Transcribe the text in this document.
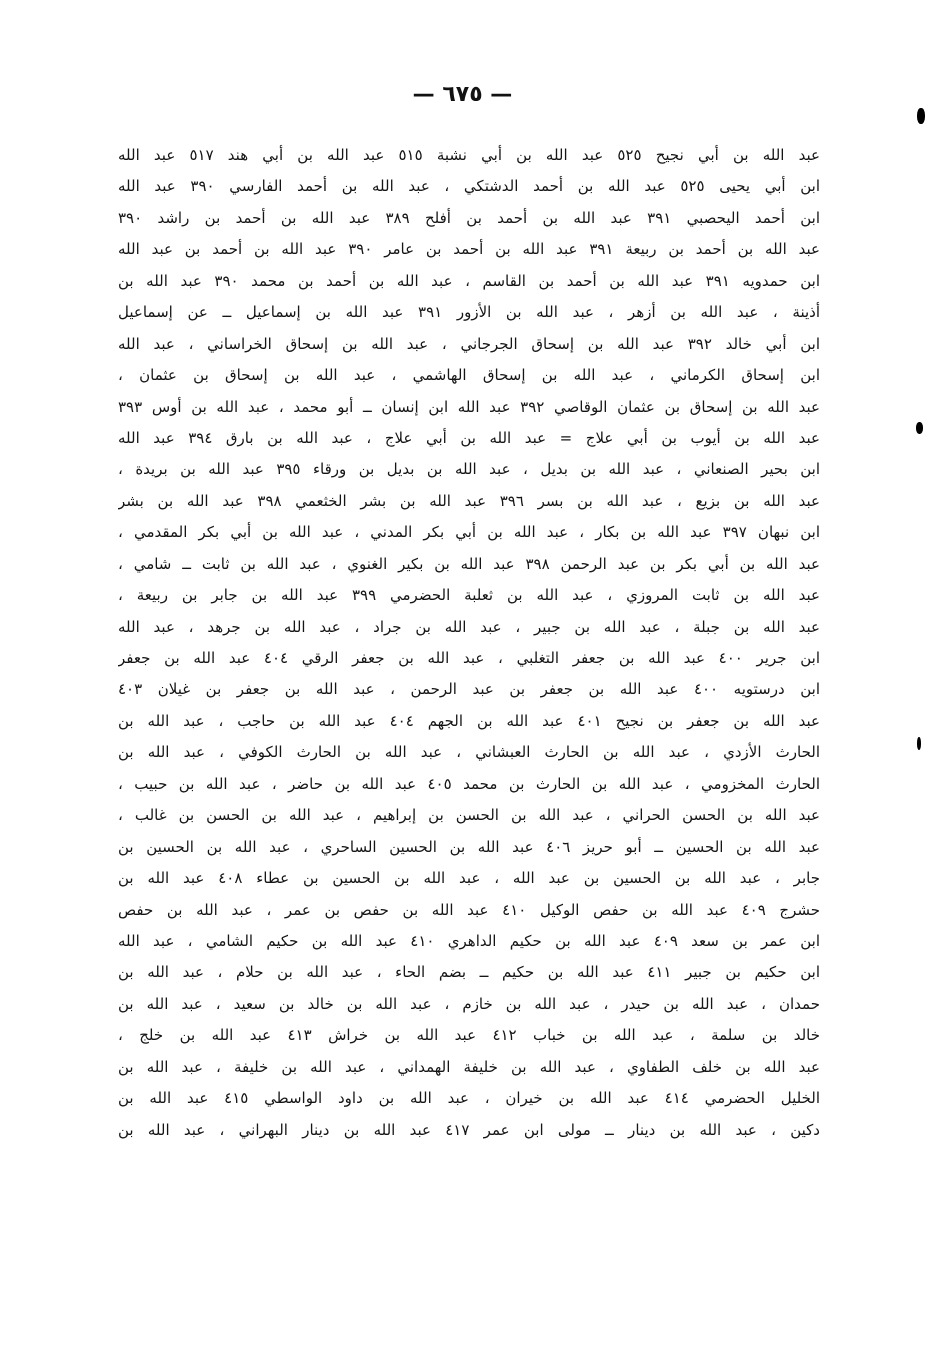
— ٦٧٥ —
عبد الله بن أبي نجيح ٥٢٥ عبد الله بن أبي نشبة ٥١٥ عبد الله بن أبي هند ٥١٧ عبد الله
ابن أبي يحيى ٥٢٥ عبد الله بن أحمد الدشتكي ، عبد الله بن أحمد الفارسي ٣٩٠ عبد الله
ابن أحمد اليحصبي ٣٩١ عبد الله بن أحمد بن أفلح ٣٨٩ عبد الله بن أحمد بن راشد ٣٩٠
عبد الله بن أحمد بن ربيعة ٣٩١ عبد الله بن أحمد بن عامر ٣٩٠ عبد الله بن أحمد بن عبد الله
ابن حمدويه ٣٩١ عبد الله بن أحمد بن القاسم ، عبد الله بن أحمد بن محمد ٣٩٠ عبد الله بن
أذينة ، عبد الله بن أزهر ، عبد الله بن الأزور ٣٩١ عبد الله بن إسماعيل ــ عن إسماعيل
ابن أبي خالد ٣٩٢ عبد الله بن إسحاق الجرجاني ، عبد الله بن إسحاق الخراساني ، عبد الله
ابن إسحاق الكرماني ، عبد الله بن إسحاق الهاشمي ، عبد الله بن إسحاق بن عثمان ،
عبد الله بن إسحاق بن عثمان الوقاصي ٣٩٢ عبد الله ابن إنسان ــ أبو محمد ، عبد الله بن أوس ٣٩٣
عبد الله بن أيوب بن أبي علاج = عبد الله بن أبي علاج ، عبد الله بن بارق ٣٩٤ عبد الله
ابن بحير الصنعاني ، عبد الله بن بديل ، عبد الله بن بديل بن ورقاء ٣٩٥ عبد الله بن بريدة ،
عبد الله بن بزيع ، عبد الله بن بسر ٣٩٦ عبد الله بن بشر الخثعمي ٣٩٨ عبد الله بن بشر
ابن نبهان ٣٩٧ عبد الله بن بكار ، عبد الله بن أبي بكر المدني ، عبد الله بن أبي بكر المقدمي ،
عبد الله بن أبي بكر بن عبد الرحمن ٣٩٨ عبد الله بن بكير الغنوي ، عبد الله بن ثابت ــ شامي ،
عبد الله بن ثابت المروزي ، عبد الله بن ثعلبة الحضرمي ٣٩٩ عبد الله بن جابر بن ربيعة ،
عبد الله بن جبلة ، عبد الله بن جبير ، عبد الله بن جراد ، عبد الله بن جرهد ، عبد الله
ابن جرير ٤٠٠ عبد الله بن جعفر التغلبي ، عبد الله بن جعفر الرقي ٤٠٤ عبد الله بن جعفر
ابن درستويه ٤٠٠ عبد الله بن جعفر بن عبد الرحمن ، عبد الله بن جعفر بن غيلان ٤٠٣
عبد الله بن جعفر بن نجيح ٤٠١ عبد الله بن الجهم ٤٠٤ عبد الله بن حاجب ، عبد الله بن
الحارث الأزدي ، عبد الله بن الحارث العبشاني ، عبد الله بن الحارث الكوفي ، عبد الله بن
الحارث المخزومي ، عبد الله بن الحارث بن محمد ٤٠٥ عبد الله بن حاضر ، عبد الله بن حبيب ،
عبد الله بن الحسن الحراني ، عبد الله بن الحسن بن إبراهيم ، عبد الله بن الحسن بن غالب ،
عبد الله بن الحسين ــ أبو حريز ٤٠٦ عبد الله بن الحسين الساحري ، عبد الله بن الحسين بن
جابر ، عبد الله بن الحسين بن عبد الله ، عبد الله بن الحسين بن عطاء ٤٠٨ عبد الله بن
حشرج ٤٠٩ عبد الله بن حفص الوكيل ٤١٠ عبد الله بن حفص بن عمر ، عبد الله بن حفص
ابن عمر بن سعد ٤٠٩ عبد الله بن حكيم الداهري ٤١٠ عبد الله بن حكيم الشامي ، عبد الله
ابن حكيم بن جبير ٤١١ عبد الله بن حكيم ــ بضم الحاء ، عبد الله بن حلام ، عبد الله بن
حمدان ، عبد الله بن حيدر ، عبد الله بن خازم ، عبد الله بن خالد بن سعيد ، عبد الله بن
خالد بن سلمة ، عبد الله بن خباب ٤١٢ عبد الله بن خراش ٤١٣ عبد الله بن خلج ،
عبد الله بن خلف الطفاوي ، عبد الله بن خليفة الهمداني ، عبد الله بن خليفة ، عبد الله بن
الخليل الحضرمي ٤١٤ عبد الله بن خيران ، عبد الله بن داود الواسطي ٤١٥ عبد الله بن
دكين ، عبد الله بن دينار ــ مولى ابن عمر ٤١٧ عبد الله بن دينار البهراني ، عبد الله بن
